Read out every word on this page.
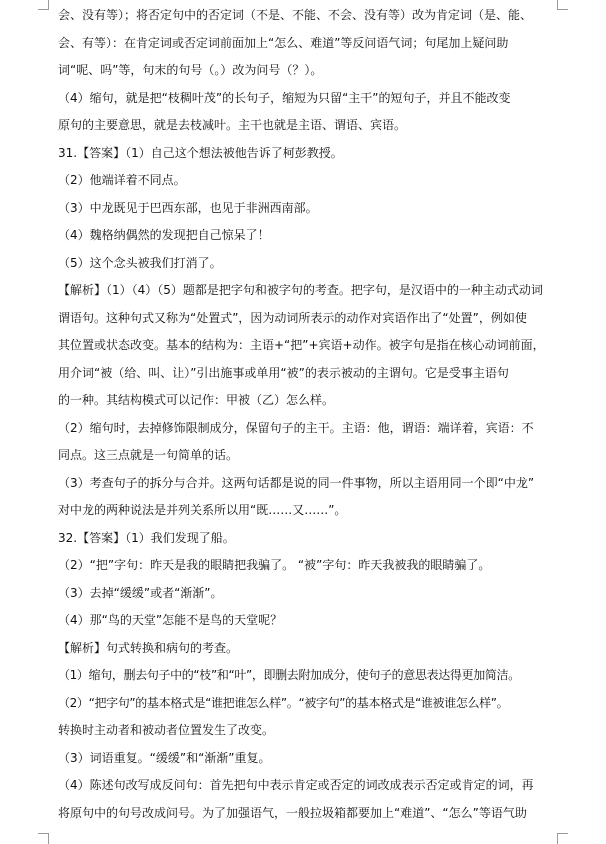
会、没有等）；将否定句中的否定词（不是、不能、不会、没有等）改为肯定词（是、能、
会、有等）：在肯定词或否定词前面加上“怎么、难道”等反问语气词；句尾加上疑问助
词“呢、吗”等，句末的句号（。）改为问号（？）。
（4）缩句，就是把“枝稠叶茂”的长句子，缩短为只留“主干”的短句子，并且不能改变
原句的主要意思，就是去枝减叶。主干也就是主语、谓语、宾语。
31.【答案】（1）自己这个想法被他告诉了柯彭教授。
（2）他端详着不同点。
（3）中龙既见于巴西东部，也见于非洲西南部。
（4）魏格纳偶然的发现把自己惊呆了！
（5）这个念头被我们打消了。
【解析】（1）（4）（5）题都是把字句和被字句的考查。把字句，是汉语中的一种主动式动词
谓语句。这种句式又称为“处置式”，因为动词所表示的动作对宾语作出了“处置”，例如使
其位置或状态改变。基本的结构为：主语+“把”+宾语+动作。被字句是指在核心动词前面，
用介词“被（给、叫、让）”引出施事或单用“被”的表示被动的主谓句。它是受事主语句
的一种。其结构模式可以记作：甲被（乙）怎么样。
（2）缩句时，去掉修饰限制成分，保留句子的主干。主语：他，谓语：端详着，宾语：不
同点。这三点就是一句简单的话。
（3）考查句子的拆分与合并。这两句话都是说的同一件事物，所以主语用同一个即“中龙”
对中龙的两种说法是并列关系所以用“既……又……”。
32.【答案】（1）我们发现了船。
（2）“把”字句：昨天是我的眼睛把我骗了。 “被”字句：昨天我被我的眼睛骗了。
（3）去掉“缓缓”或者“渐渐”。
（4）那“鸟的天堂”怎能不是鸟的天堂呢？
【解析】句式转换和病句的考查。
（1）缩句，删去句子中的“枝”和“叶”，即删去附加成分，使句子的意思表达得更加简洁。
（2）“把字句”的基本格式是“谁把谁怎么样”。“被字句”的基本格式是“谁被谁怎么样”。
转换时主动者和被动者位置发生了改变。
（3）词语重复。“缓缓”和“渐渐”重复。
（4）陈述句改写成反问句：首先把句中表示肯定或否定的词改成表示否定或肯定的词，再
将原句中的句号改成问号。为了加强语气，一般拉圾箱都要加上“难道”、“怎么”等语气助
